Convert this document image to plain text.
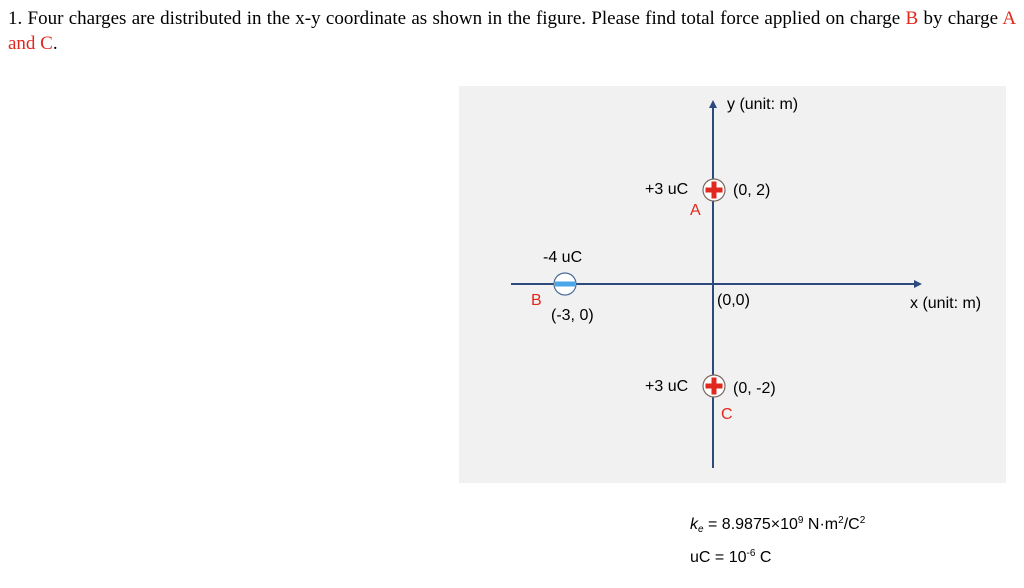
1. Four charges are distributed in the x-y coordinate as shown in the figure. Please find total force applied on charge B by charge A and C.
y (unit: m)
x (unit: m)
(0,0)
+3 uC	(0, 2)
A
-4 uC
B
(-3, 0)
+3 uC	(0, -2)
C
$k_e = 8.9875\times 10^9$ $N\cdot m^2/C^2$
uC = $10^{-6}$ C
